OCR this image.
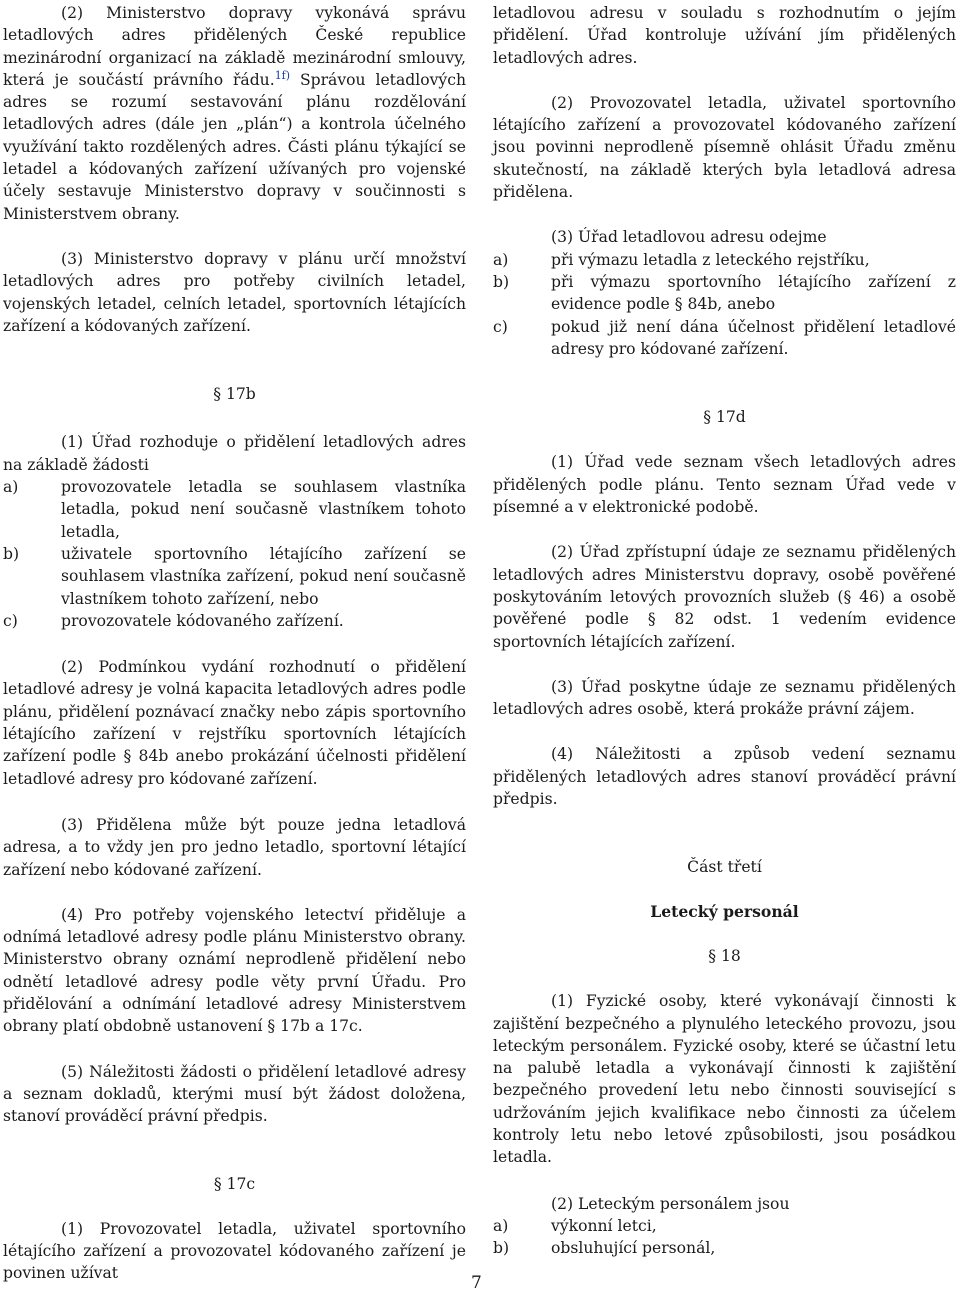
(2) Ministerstvo dopravy vykonává správu letadlových adres přidělených České republice mezinárodní organizací na základě mezinárodní smlouvy, která je součástí právního řádu.$^{1f)}$ Správou letadlových adres se rozumí sestavování plánu rozdělování letadlových adres (dále jen „plán“) a kontrola účelného využívání takto rozdělených adres. Části plánu týkající se letadel a kódovaných zařízení užívaných pro vojenské účely sestavuje Ministerstvo dopravy v součinnosti s Ministerstvem obrany.

(3) Ministerstvo dopravy v plánu určí množství letadlových adres pro potřeby civilních letadel, vojenských letadel, celních letadel, sportovních létajících zařízení a kódovaných zařízení.

§ 17b

(1) Úřad rozhoduje o přidělení letadlových adres na základě žádosti

a)	provozovatele letadla se souhlasem vlastníka letadla, pokud není současně vlastníkem tohoto letadla,
b)	uživatele sportovního létajícího zařízení se souhlasem vlastníka zařízení, pokud není současně vlastníkem tohoto zařízení, nebo
c)	provozovatele kódovaného zařízení.

(2) Podmínkou vydání rozhodnutí o přidělení letadlové adresy je volná kapacita letadlových adres podle plánu, přidělení poznávací značky nebo zápis sportovního létajícího zařízení v rejstříku sportovních létajících zařízení podle § 84b anebo prokázání účelnosti přidělení letadlové adresy pro kódované zařízení.

(3) Přidělena může být pouze jedna letadlová adresa, a to vždy jen pro jedno letadlo, sportovní létající zařízení nebo kódované zařízení.

(4) Pro potřeby vojenského letectví přiděluje a odnímá letadlové adresy podle plánu Ministerstvo obrany. Ministerstvo obrany oznámí neprodleně přidělení nebo odnětí letadlové adresy podle věty první Úřadu. Pro přidělování a odnímání letadlové adresy Ministerstvem obrany platí obdobně ustanovení § 17b a 17c.

(5) Náležitosti žádosti o přidělení letadlové adresy a seznam dokladů, kterými musí být žádost doložena, stanoví prováděcí právní předpis.

§ 17c

(1) Provozovatel letadla, uživatel sportovního létajícího zařízení a provozovatel kódovaného zařízení je povinen užívat

letadlovou adresu v souladu s rozhodnutím o jejím přidělení. Úřad kontroluje užívání jím přidělených letadlových adres.

(2) Provozovatel letadla, uživatel sportovního létajícího zařízení a provozovatel kódovaného zařízení jsou povinni neprodleně písemně ohlásit Úřadu změnu skutečností, na základě kterých byla letadlová adresa přidělena.

(3) Úřad letadlovou adresu odejme

a)	při výmazu letadla z leteckého rejstříku,
b)	při výmazu sportovního létajícího zařízení z evidence podle § 84b, anebo
c)	pokud již není dána účelnost přidělení letadlové adresy pro kódované zařízení.

§ 17d

(1) Úřad vede seznam všech letadlových adres přidělených podle plánu. Tento seznam Úřad vede v písemné a v elektronické podobě.

(2) Úřad zpřístupní údaje ze seznamu přidělených letadlových adres Ministerstvu dopravy, osobě pověřené poskytováním letových provozních služeb (§ 46) a osobě pověřené podle § 82 odst. 1 vedením evidence sportovních létajících zařízení.

(3) Úřad poskytne údaje ze seznamu přidělených letadlových adres osobě, která prokáže právní zájem.

(4) Náležitosti a způsob vedení seznamu přidělených letadlových adres stanoví prováděcí právní předpis.

Část třetí

Letecký personál

§ 18

(1) Fyzické osoby, které vykonávají činnosti k zajištění bezpečného a plynulého leteckého provozu, jsou leteckým personálem. Fyzické osoby, které se účastní letu na palubě letadla a vykonávají činnosti k zajištění bezpečného provedení letu nebo činnosti související s udržováním jejich kvalifikace nebo činnosti za účelem kontroly letu nebo letové způsobilosti, jsou posádkou letadla.

(2) Leteckým personálem jsou

a)	výkonní letci,
b)	obsluhující personál,
7
